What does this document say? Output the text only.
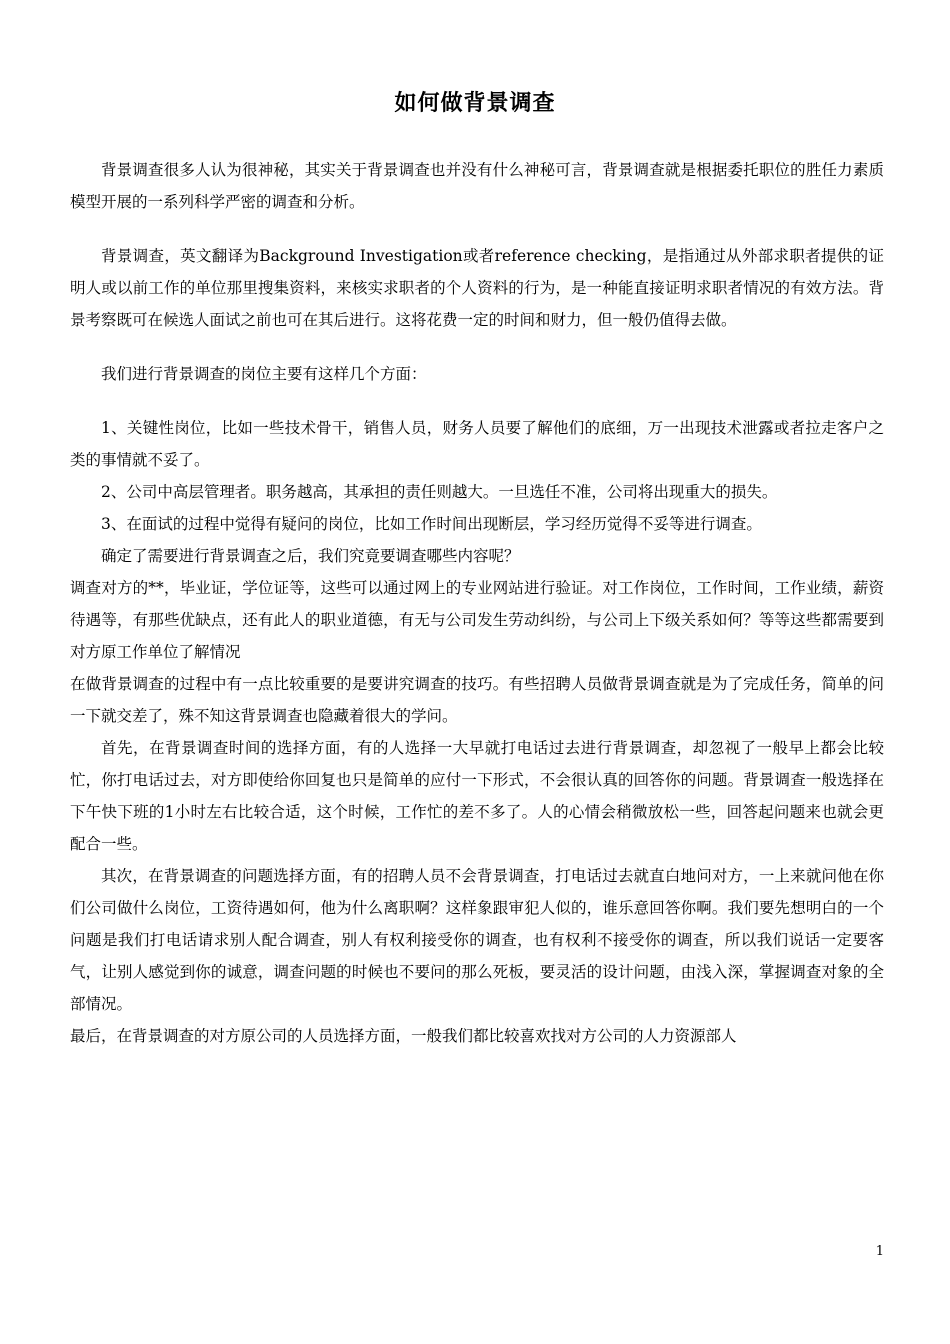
如何做背景调查

背景调查很多人认为很神秘，其实关于背景调查也并没有什么神秘可言，背景调查就是根据委托职位的胜任力素质模型开展的一系列科学严密的调查和分析。

背景调查，英文翻译为Background Investigation或者reference checking，是指通过从外部求职者提供的证明人或以前工作的单位那里搜集资料，来核实求职者的个人资料的行为，是一种能直接证明求职者情况的有效方法。背景考察既可在候选人面试之前也可在其后进行。这将花费一定的时间和财力，但一般仍值得去做。

我们进行背景调查的岗位主要有这样几个方面：

1、关键性岗位，比如一些技术骨干，销售人员，财务人员要了解他们的底细，万一出现技术泄露或者拉走客户之类的事情就不妥了。

2、公司中高层管理者。职务越高，其承担的责任则越大。一旦选任不准，公司将出现重大的损失。

3、在面试的过程中觉得有疑问的岗位，比如工作时间出现断层，学习经历觉得不妥等进行调查。

确定了需要进行背景调查之后，我们究竟要调查哪些内容呢？

调查对方的**，毕业证，学位证等，这些可以通过网上的专业网站进行验证。对工作岗位，工作时间，工作业绩，薪资待遇等，有那些优缺点，还有此人的职业道德，有无与公司发生劳动纠纷，与公司上下级关系如何？等等这些都需要到对方原工作单位了解情况

在做背景调查的过程中有一点比较重要的是要讲究调查的技巧。有些招聘人员做背景调查就是为了完成任务，简单的问一下就交差了，殊不知这背景调查也隐藏着很大的学问。

首先，在背景调查时间的选择方面，有的人选择一大早就打电话过去进行背景调查，却忽视了一般早上都会比较忙，你打电话过去，对方即使给你回复也只是简单的应付一下形式，不会很认真的回答你的问题。背景调查一般选择在下午快下班的1小时左右比较合适，这个时候，工作忙的差不多了。人的心情会稍微放松一些，回答起问题来也就会更配合一些。

其次，在背景调查的问题选择方面，有的招聘人员不会背景调查，打电话过去就直白地问对方，一上来就问他在你们公司做什么岗位，工资待遇如何，他为什么离职啊？这样象跟审犯人似的，谁乐意回答你啊。我们要先想明白的一个问题是我们打电话请求别人配合调查，别人有权利接受你的调查，也有权利不接受你的调查，所以我们说话一定要客气，让别人感觉到你的诚意，调查问题的时候也不要问的那么死板，要灵活的设计问题，由浅入深，掌握调查对象的全部情况。

最后，在背景调查的对方原公司的人员选择方面，一般我们都比较喜欢找对方公司的人力资源部人

1
